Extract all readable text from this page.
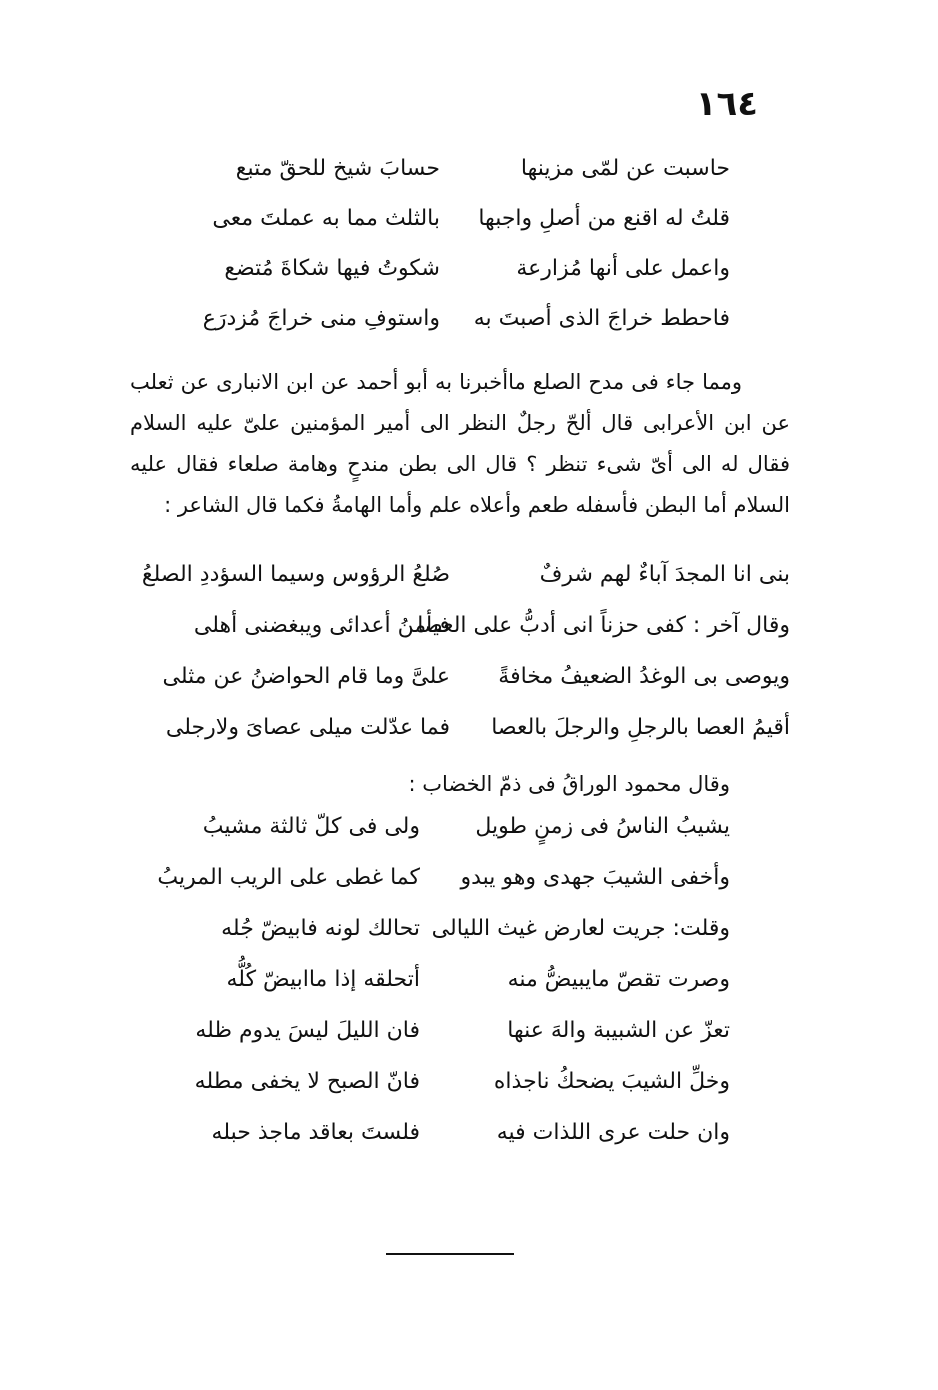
١٦٤
حاسبت عن لمّى مزينها
حسابَ شيخ للحقّ متبع
قلتُ له اقنع من أصلِ واجبها
بالثلث مما به عملتَ معى
واعمل على أنها مُزارعة
شكوتُ فيها شكاةَ مُتضع
فاحطط خراجَ الذى أصبتَ به
واستوفِ منى خراجَ مُزدرَع

ومما جاء فى مدح الصلع ماأخبرنا به أبو أحمد عن ابن الانبارى عن ثعلب عن ابن الأعرابى قال ألحّ رجلٌ النظر الى أمير المؤمنين علىّ عليه السلام فقال له الى أىّ شىء تنظر ؟ قال الى بطن مندحٍ وهامة صلعاء فقال عليه السلام أما البطن فأسفله طعم وأعلاه علم وأما الهامةُ فكما قال الشاعر :

بنى انا المجدَ آباءٌ لهم شرفٌ
صُلعُ الرؤوس وسيما السؤددِ الصلعُ
وقال آخر : كفى حزناً انى أدبُّ على العصا
فيأمنُ أعدائى ويبغضنى أهلى
ويوصى بى الوغدُ الضعيفُ مخافةً
علىَّ وما قام الحواضنُ عن مثلى
أقيمُ العصا بالرجلِ والرجلَ بالعصا
فما عدّلت ميلى عصاىَ ولارجلى
وقال محمود الوراقُ فى ذمّ الخضاب :
يشيبُ الناسُ فى زمنٍ طويل
ولى فى كلّ ثالثة مشيبُ
وأخفى الشيبَ جهدى وهو يبدو
كما غطى على الريب المريبُ
وقلت: جريت لعارض غيث الليالى
تحالك لونه فابيضّ جُله
وصرت تقصّ مايبيضُّ منه
أتحلقه إذا ماابيضّ كُلُّه
تعزّ عن الشبيبة والهَ عنها
فان الليلَ ليسَ يدوم ظله
وخلِّ الشيبَ يضحكُ ناجذاه
فانّ الصبح لا يخفى مطله
وان حلت عرى اللذات فيه
فلستَ بعاقد ماجذ حبله
